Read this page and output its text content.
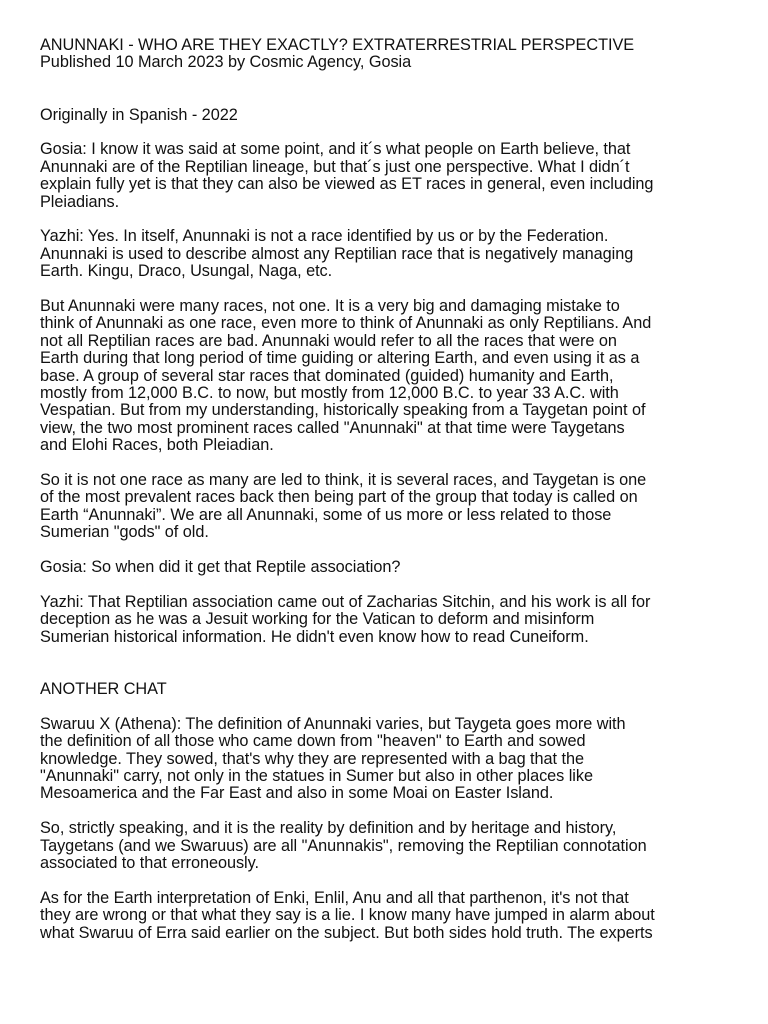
ANUNNAKI - WHO ARE THEY EXACTLY? EXTRATERRESTRIAL PERSPECTIVE
Published 10 March 2023 by Cosmic Agency, Gosia
Originally in Spanish - 2022
Gosia: I know it was said at some point, and it´s what people on Earth believe, that
Anunnaki are of the Reptilian lineage, but that´s just one perspective. What I didn´t
explain fully yet is that they can also be viewed as ET races in general, even including
Pleiadians.
Yazhi: Yes. In itself, Anunnaki is not a race identified by us or by the Federation.
Anunnaki is used to describe almost any Reptilian race that is negatively managing
Earth. Kingu, Draco, Usungal, Naga, etc.
But Anunnaki were many races, not one. It is a very big and damaging mistake to
think of Anunnaki as one race, even more to think of Anunnaki as only Reptilians. And
not all Reptilian races are bad. Anunnaki would refer to all the races that were on
Earth during that long period of time guiding or altering Earth, and even using it as a
base. A group of several star races that dominated (guided) humanity and Earth,
mostly from 12,000 B.C. to now, but mostly from 12,000 B.C. to year 33 A.C. with
Vespatian. But from my understanding, historically speaking from a Taygetan point of
view, the two most prominent races called "Anunnaki" at that time were Taygetans
and Elohi Races, both Pleiadian.
So it is not one race as many are led to think, it is several races, and Taygetan is one
of the most prevalent races back then being part of the group that today is called on
Earth “Anunnaki”. We are all Anunnaki, some of us more or less related to those
Sumerian "gods" of old.
Gosia: So when did it get that Reptile association?
Yazhi: That Reptilian association came out of Zacharias Sitchin, and his work is all for
deception as he was a Jesuit working for the Vatican to deform and misinform
Sumerian historical information. He didn't even know how to read Cuneiform.
ANOTHER CHAT
Swaruu X (Athena): The definition of Anunnaki varies, but Taygeta goes more with
the definition of all those who came down from "heaven" to Earth and sowed
knowledge. They sowed, that's why they are represented with a bag that the
"Anunnaki" carry, not only in the statues in Sumer but also in other places like
Mesoamerica and the Far East and also in some Moai on Easter Island.
So, strictly speaking, and it is the reality by definition and by heritage and history,
Taygetans (and we Swaruus) are all "Anunnakis", removing the Reptilian connotation
associated to that erroneously.
As for the Earth interpretation of Enki, Enlil, Anu and all that parthenon, it's not that
they are wrong or that what they say is a lie. I know many have jumped in alarm about
what Swaruu of Erra said earlier on the subject. But both sides hold truth. The experts
